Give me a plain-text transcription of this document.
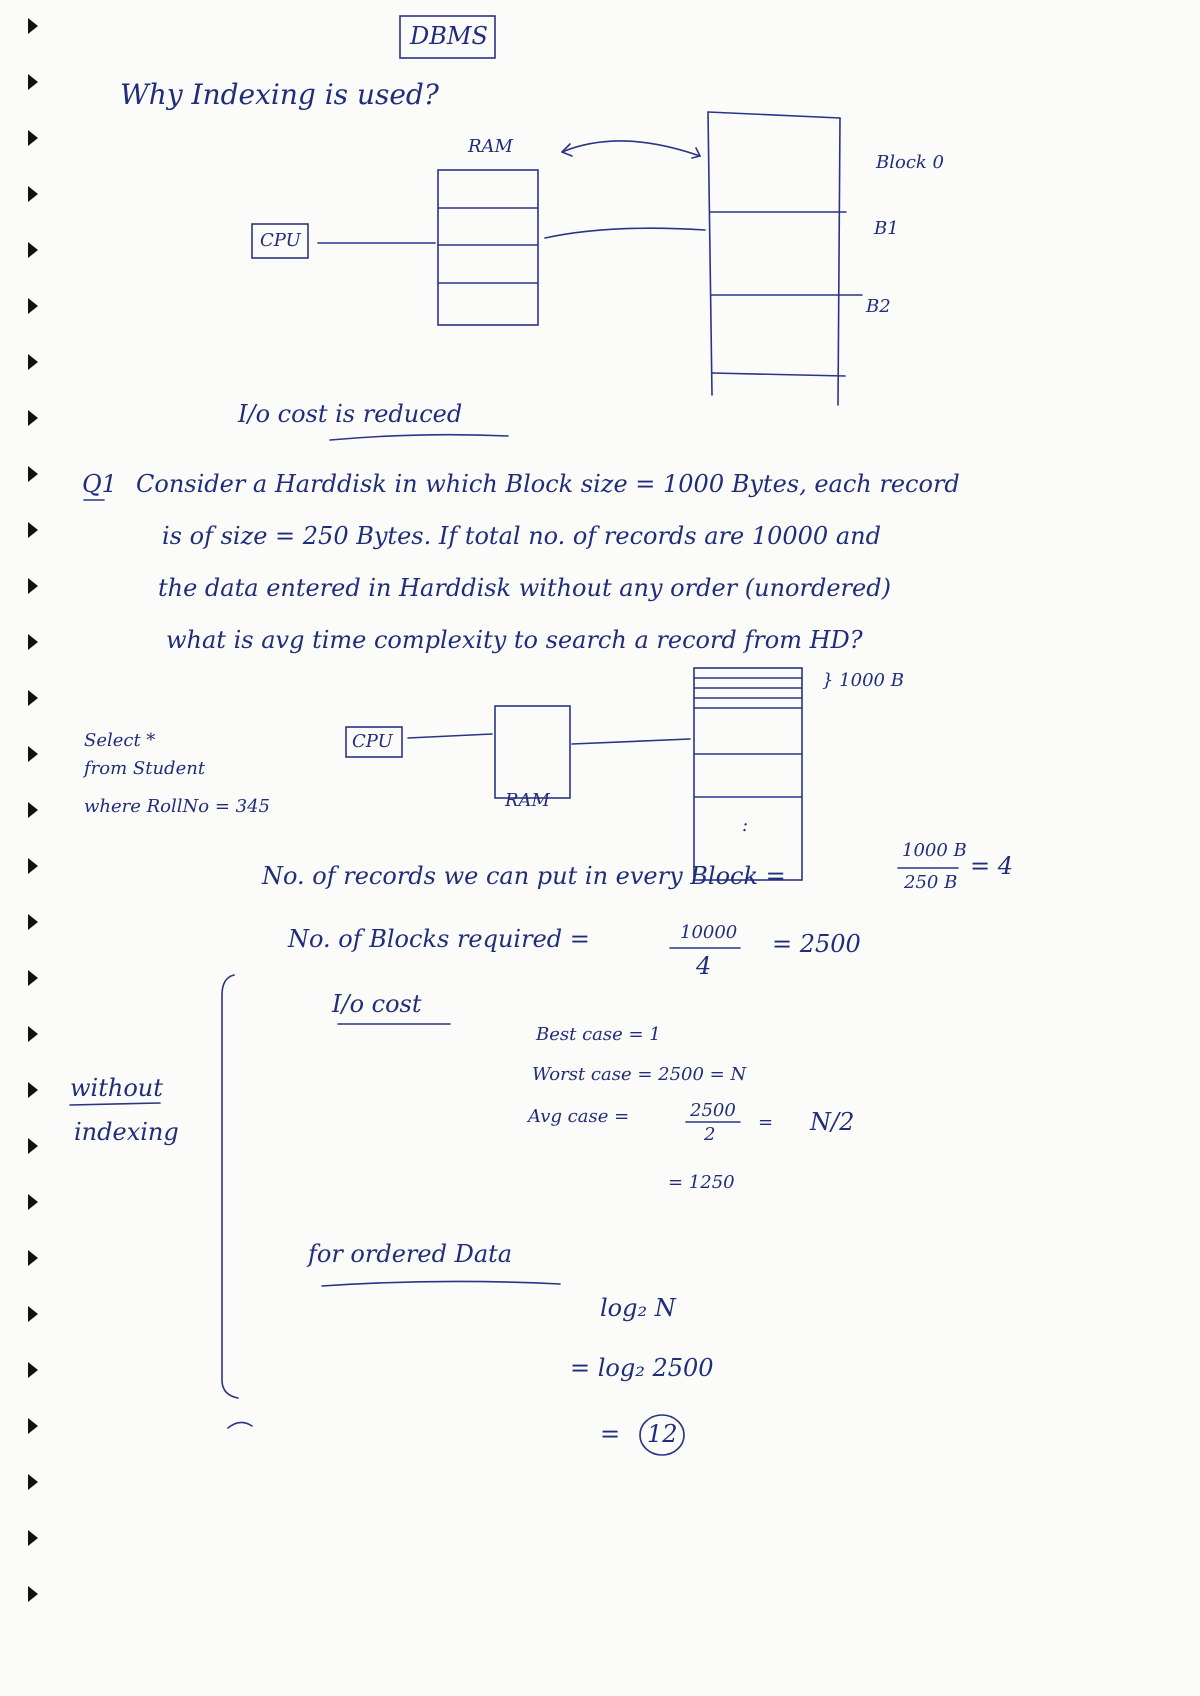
DBMS
Why Indexing is used?
RAM
CPU
Block 0
B1
B2
I/o cost is reduced
Q1 Consider a Harddisk in which Block size = 1000 Bytes, each record
is of size = 250 Bytes. If total no. of records are 10000 and
the data entered in Harddisk without any order (unordered)
what is avg time complexity to search a record from HD?
} 1000 B
CPU
RAM
:
Select *
from Student
where RollNo = 345
No. of records we can put in every Block =
1000 B
250 B
= 4
No. of Blocks required =	10000
4
= 2500
I/o cost
Best case = 1
Worst case = 2500 = N
Avg case =	2500
2
= N/2
= 1250
without
indexing
for ordered Data
log₂ N
= log₂ 2500
= 12
